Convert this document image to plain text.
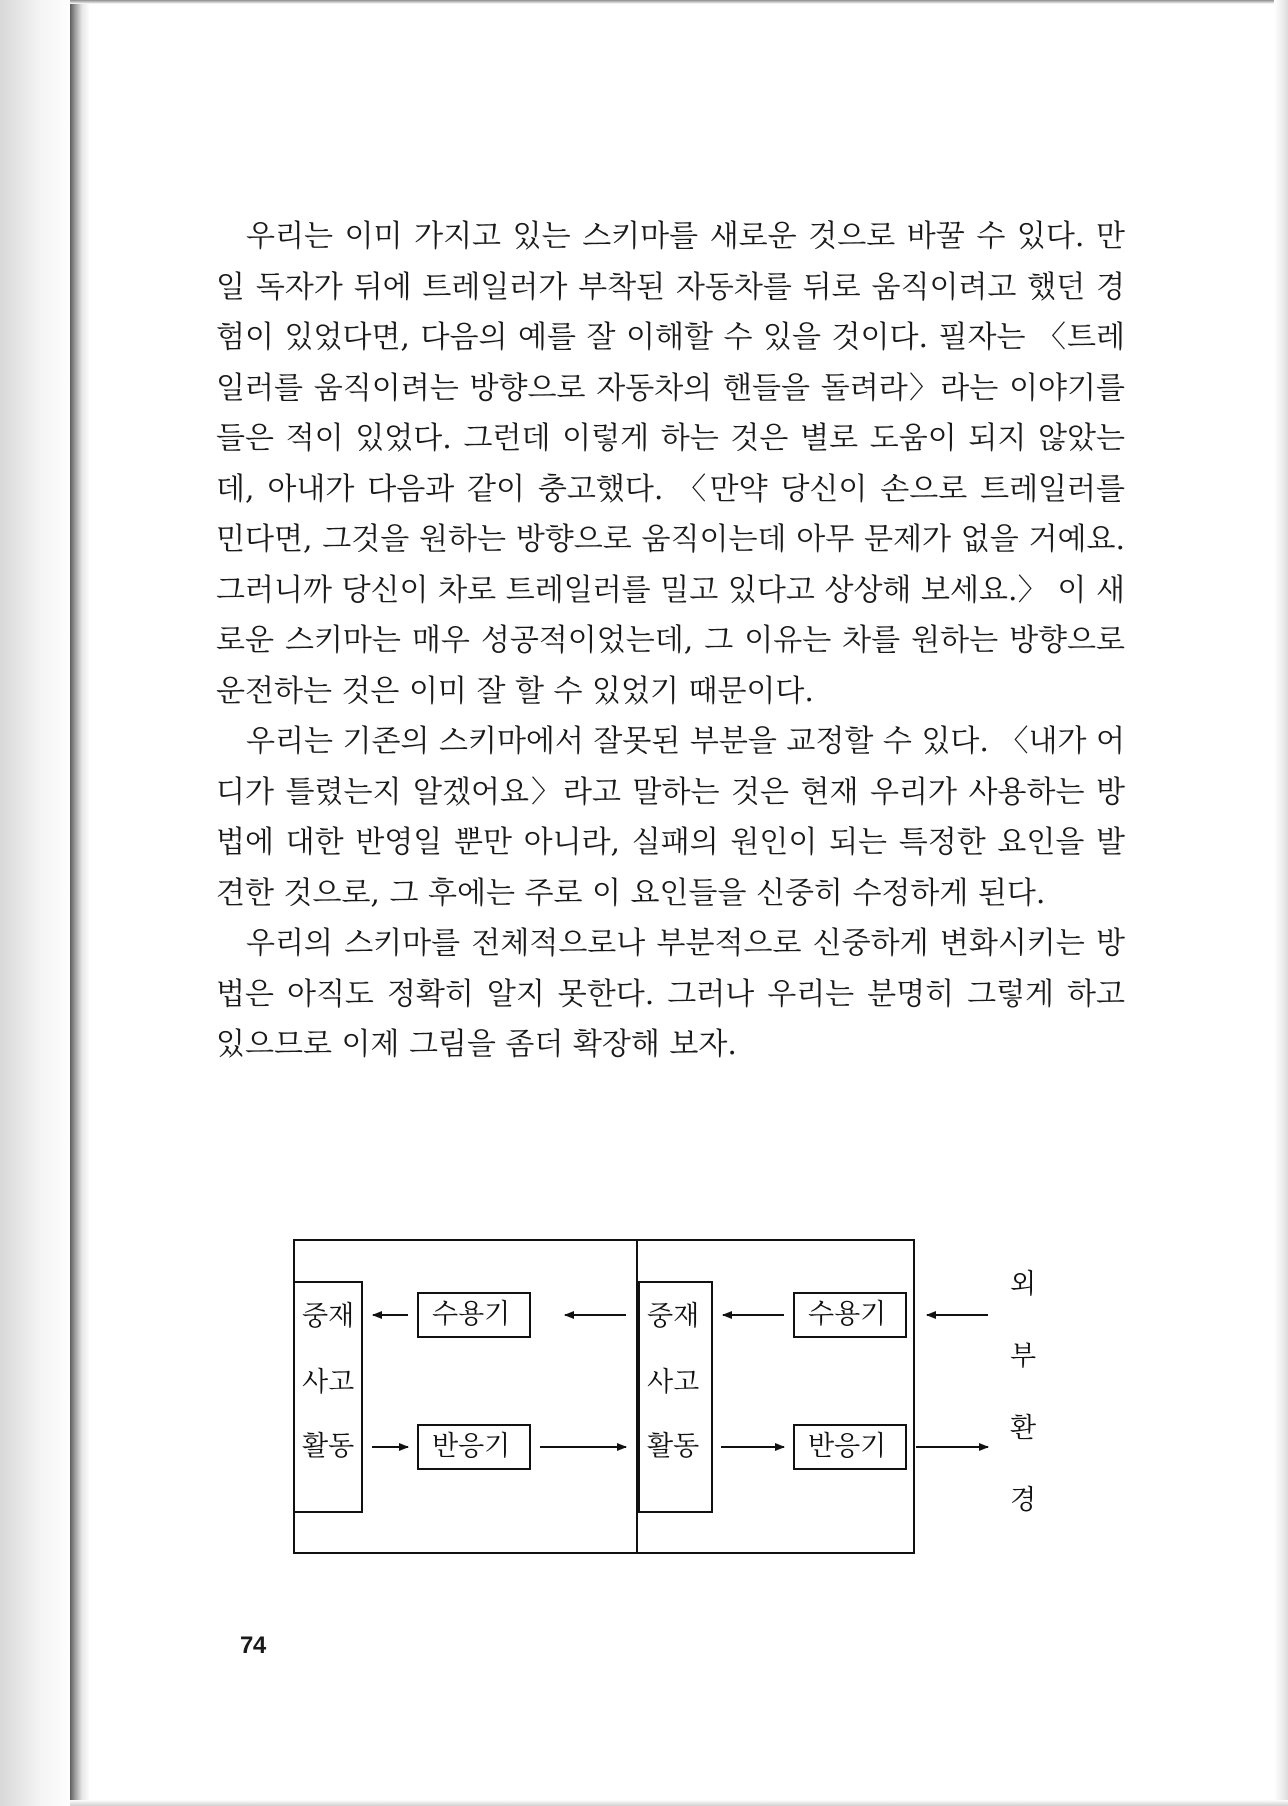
우리는 이미 가지고 있는 스키마를 새로운 것으로 바꿀 수 있다. 만일 독자가 뒤에 트레일러가 부착된 자동차를 뒤로 움직이려고 했던 경험이 있었다면, 다음의 예를 잘 이해할 수 있을 것이다. 필자는 〈트레일러를 움직이려는 방향으로 자동차의 핸들을 돌려라〉라는 이야기를 들은 적이 있었다. 그런데 이렇게 하는 것은 별로 도움이 되지 않았는데, 아내가 다음과 같이 충고했다. 〈만약 당신이 손으로 트레일러를 민다면, 그것을 원하는 방향으로 움직이는데 아무 문제가 없을 거예요. 그러니까 당신이 차로 트레일러를 밀고 있다고 상상해 보세요.〉 이 새로운 스키마는 매우 성공적이었는데, 그 이유는 차를 원하는 방향으로 운전하는 것은 이미 잘 할 수 있었기 때문이다.

우리는 기존의 스키마에서 잘못된 부분을 교정할 수 있다. 〈내가 어디가 틀렸는지 알겠어요〉라고 말하는 것은 현재 우리가 사용하는 방법에 대한 반영일 뿐만 아니라, 실패의 원인이 되는 특정한 요인을 발견한 것으로, 그 후에는 주로 이 요인들을 신중히 수정하게 된다.

우리의 스키마를 전체적으로나 부분적으로 신중하게 변화시키는 방법은 아직도 정확히 알지 못한다. 그러나 우리는 분명히 그렇게 하고 있으므로 이제 그림을 좀더 확장해 보자.

중재
사고
활동
수용기
반응기
중재
사고
활동
수용기
반응기
외
부
환
경
74
